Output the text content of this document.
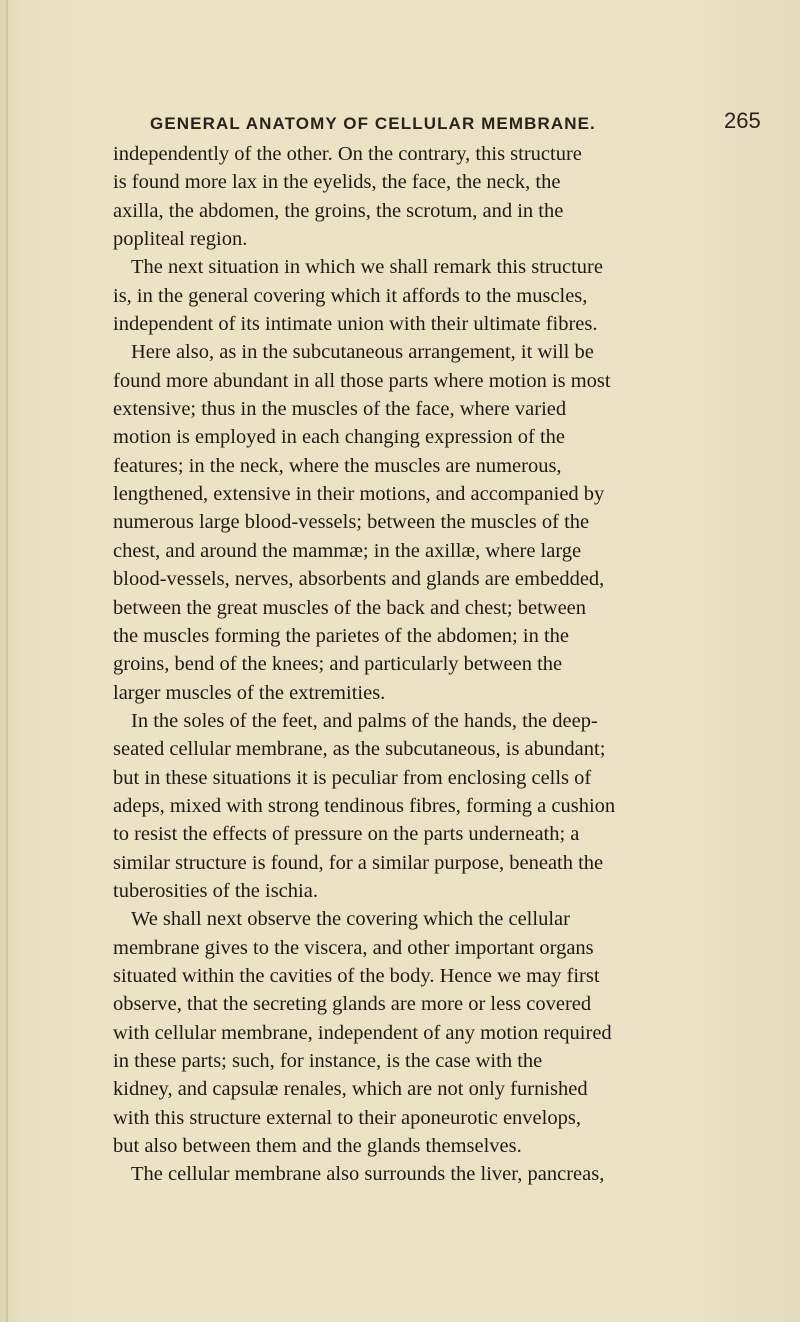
GENERAL ANATOMY OF CELLULAR MEMBRANE.	265
independently of the other. On the contrary, this structure
is found more lax in the eyelids, the face, the neck, the
axilla, the abdomen, the groins, the scrotum, and in the
popliteal region.
The next situation in which we shall remark this structure
is, in the general covering which it affords to the muscles,
independent of its intimate union with their ultimate fibres.
Here also, as in the subcutaneous arrangement, it will be
found more abundant in all those parts where motion is most
extensive; thus in the muscles of the face, where varied
motion is employed in each changing expression of the
features; in the neck, where the muscles are numerous,
lengthened, extensive in their motions, and accompanied by
numerous large blood-vessels; between the muscles of the
chest, and around the mammæ; in the axillæ, where large
blood-vessels, nerves, absorbents and glands are embedded,
between the great muscles of the back and chest; between
the muscles forming the parietes of the abdomen; in the
groins, bend of the knees; and particularly between the
larger muscles of the extremities.
In the soles of the feet, and palms of the hands, the deep-
seated cellular membrane, as the subcutaneous, is abundant;
but in these situations it is peculiar from enclosing cells of
adeps, mixed with strong tendinous fibres, forming a cushion
to resist the effects of pressure on the parts underneath; a
similar structure is found, for a similar purpose, beneath the
tuberosities of the ischia.
We shall next observe the covering which the cellular
membrane gives to the viscera, and other important organs
situated within the cavities of the body. Hence we may first
observe, that the secreting glands are more or less covered
with cellular membrane, independent of any motion required
in these parts; such, for instance, is the case with the
kidney, and capsulæ renales, which are not only furnished
with this structure external to their aponeurotic envelops,
but also between them and the glands themselves.
The cellular membrane also surrounds the liver, pancreas,
